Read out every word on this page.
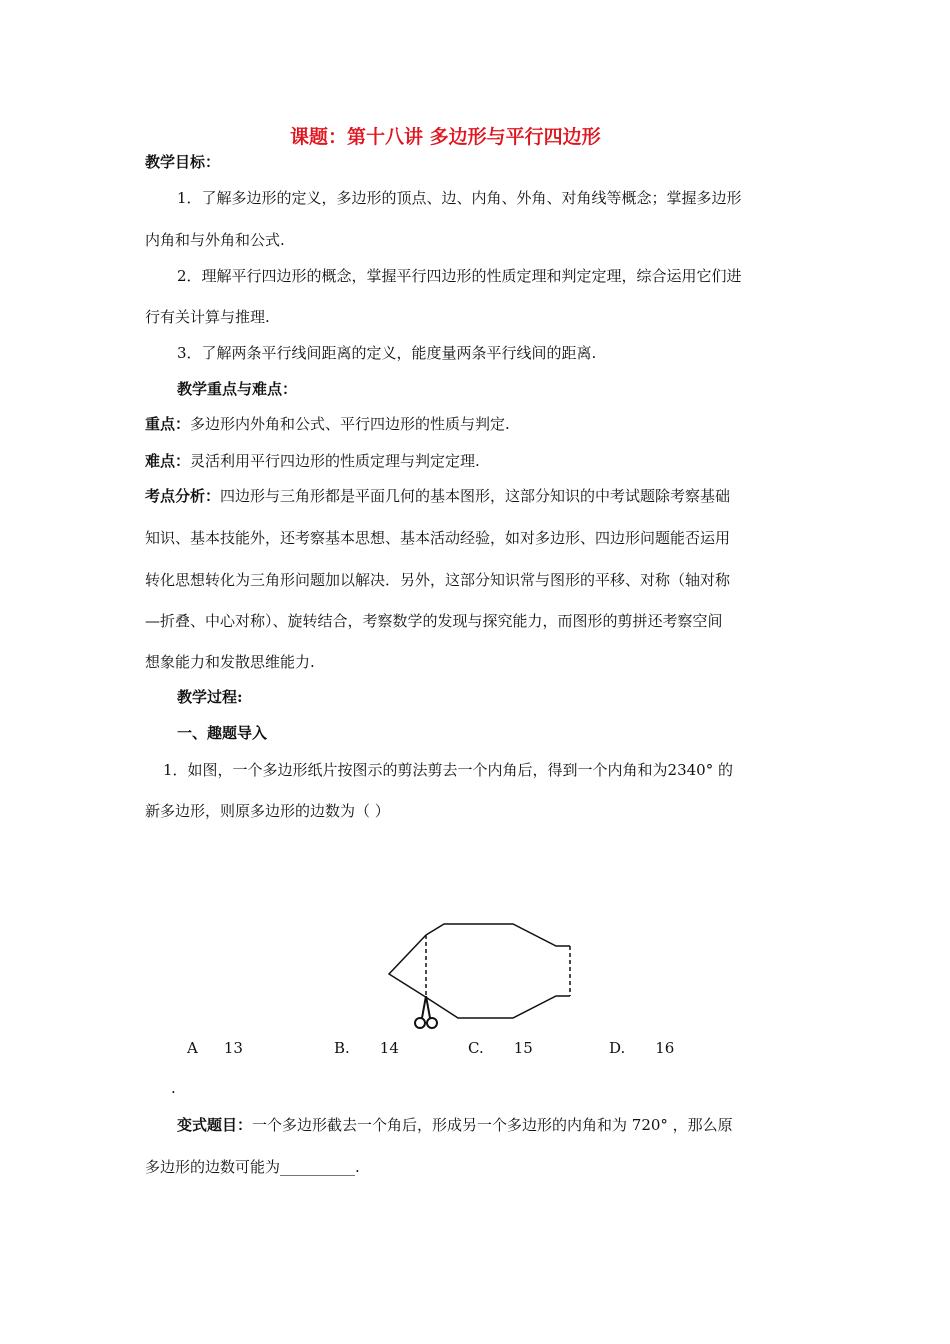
课题：第十八讲 多边形与平行四边形
教学目标：
1．了解多边形的定义，多边形的顶点、边、内角、外角、对角线等概念；掌握多边形
内角和与外角和公式.
2．理解平行四边形的概念，掌握平行四边形的性质定理和判定定理，综合运用它们进
行有关计算与推理.
3．了解两条平行线间距离的定义，能度量两条平行线间的距离.
教学重点与难点：
重点：多边形内外角和公式、平行四边形的性质与判定.
难点：灵活利用平行四边形的性质定理与判定定理.
考点分析：四边形与三角形都是平面几何的基本图形，这部分知识的中考试题除考察基础
知识、基本技能外，还考察基本思想、基本活动经验，如对多边形、四边形问题能否运用
转化思想转化为三角形问题加以解决．另外，这部分知识常与图形的平移、对称（轴对称
—折叠、中心对称）、旋转结合，考察数学的发现与探究能力，而图形的剪拼还考察空间
想象能力和发散思维能力.
教学过程:
一、趣题导入
1．如图，一个多边形纸片按图示的剪法剪去一个内角后，得到一个内角和为2340° 的
新多边形，则原多边形的边数为（ ）
A 13	B. 14	C. 15	D. 16
.
变式题目：一个多边形截去一个角后，形成另一个多边形的内角和为 720° ，那么原
多边形的边数可能为__________.
